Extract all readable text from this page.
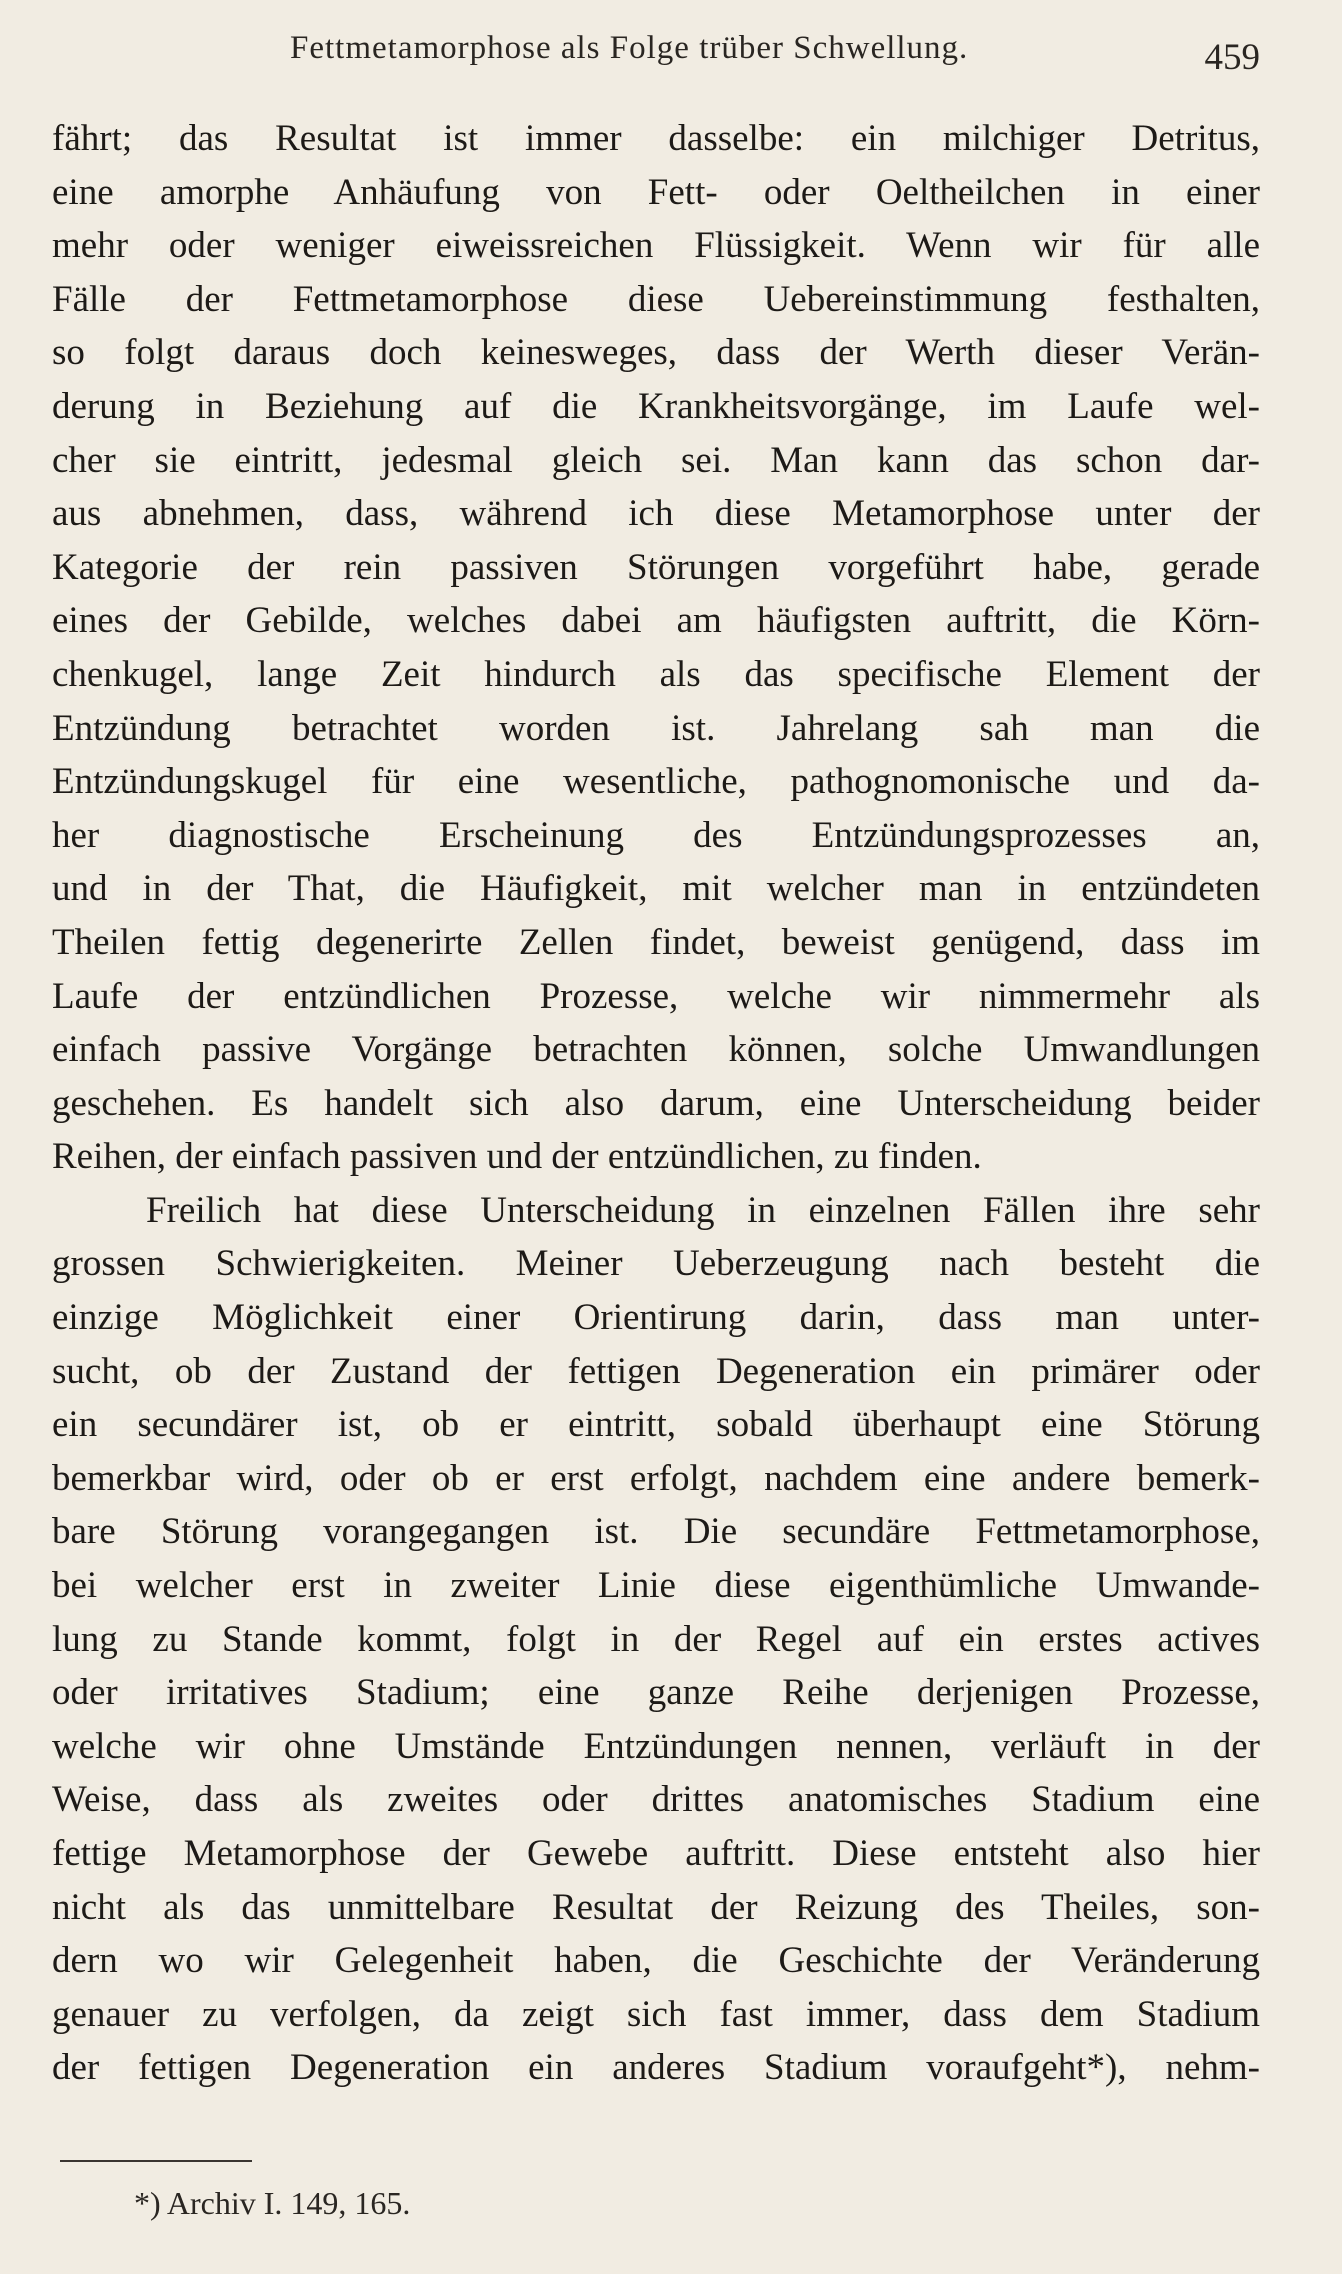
Fettmetamorphose als Folge trüber Schwellung.	459
fährt; das Resultat ist immer dasselbe: ein milchiger Detritus,
eine amorphe Anhäufung von Fett- oder Oeltheilchen in einer
mehr oder weniger eiweissreichen Flüssigkeit. Wenn wir für alle
Fälle der Fettmetamorphose diese Uebereinstimmung festhalten,
so folgt daraus doch keinesweges, dass der Werth dieser Verän-
derung in Beziehung auf die Krankheitsvorgänge, im Laufe wel-
cher sie eintritt, jedesmal gleich sei. Man kann das schon dar-
aus abnehmen, dass, während ich diese Metamorphose unter der
Kategorie der rein passiven Störungen vorgeführt habe, gerade
eines der Gebilde, welches dabei am häufigsten auftritt, die Körn-
chenkugel, lange Zeit hindurch als das specifische Element der
Entzündung betrachtet worden ist. Jahrelang sah man die
Entzündungskugel für eine wesentliche, pathognomonische und da-
her diagnostische Erscheinung des Entzündungsprozesses an,
und in der That, die Häufigkeit, mit welcher man in entzündeten
Theilen fettig degenerirte Zellen findet, beweist genügend, dass im
Laufe der entzündlichen Prozesse, welche wir nimmermehr als
einfach passive Vorgänge betrachten können, solche Umwandlungen
geschehen. Es handelt sich also darum, eine Unterscheidung beider
Reihen, der einfach passiven und der entzündlichen, zu finden.
Freilich hat diese Unterscheidung in einzelnen Fällen ihre sehr
grossen Schwierigkeiten. Meiner Ueberzeugung nach besteht die
einzige Möglichkeit einer Orientirung darin, dass man unter-
sucht, ob der Zustand der fettigen Degeneration ein primärer oder
ein secundärer ist, ob er eintritt, sobald überhaupt eine Störung
bemerkbar wird, oder ob er erst erfolgt, nachdem eine andere bemerk-
bare Störung vorangegangen ist. Die secundäre Fettmetamorphose,
bei welcher erst in zweiter Linie diese eigenthümliche Umwande-
lung zu Stande kommt, folgt in der Regel auf ein erstes actives
oder irritatives Stadium; eine ganze Reihe derjenigen Prozesse,
welche wir ohne Umstände Entzündungen nennen, verläuft in der
Weise, dass als zweites oder drittes anatomisches Stadium eine
fettige Metamorphose der Gewebe auftritt. Diese entsteht also hier
nicht als das unmittelbare Resultat der Reizung des Theiles, son-
dern wo wir Gelegenheit haben, die Geschichte der Veränderung
genauer zu verfolgen, da zeigt sich fast immer, dass dem Stadium
der fettigen Degeneration ein anderes Stadium voraufgeht*), nehm-
*) Archiv I. 149, 165.
